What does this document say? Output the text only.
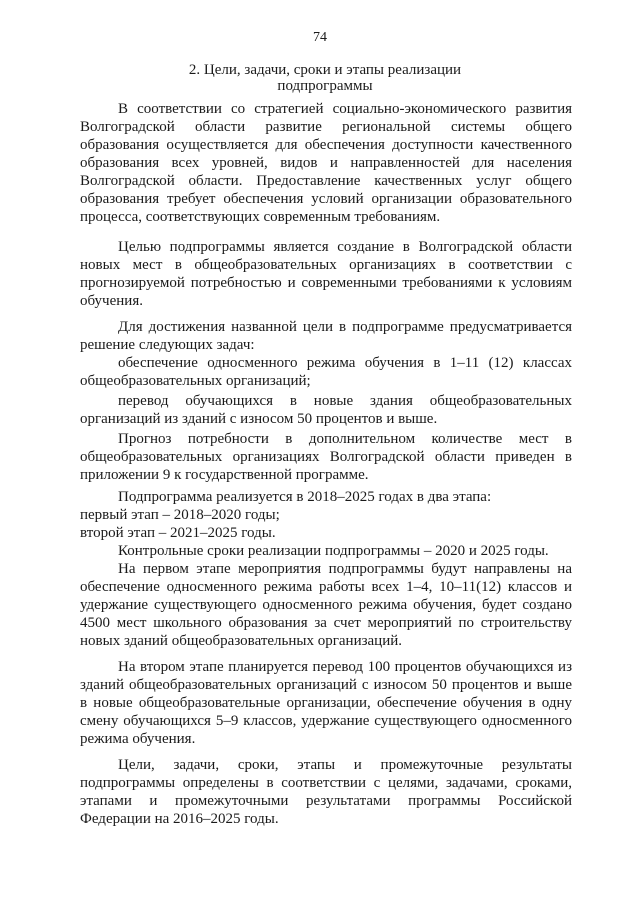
74
2. Цели, задачи, сроки и этапы реализации
подпрограммы

В соответствии со стратегией социально-экономического развития Волгоградской области развитие региональной системы общего образования осуществляется для обеспечения доступности качественного образования всех уровней, видов и направленностей для населения Волгоградской области. Предоставление качественных услуг общего образования требует обеспечения условий организации образовательного процесса, соответствующих современным требованиям.

Целью подпрограммы является создание в Волгоградской области новых мест в общеобразовательных организациях в соответствии с прогнозируемой потребностью и современными требованиями к условиям обучения.

Для достижения названной цели в подпрограмме предусматривается решение следующих задач:

обеспечение односменного режима обучения в 1–11 (12) классах общеобразовательных организаций;

перевод обучающихся в новые здания общеобразовательных организаций из зданий с износом 50 процентов и выше.

Прогноз потребности в дополнительном количестве мест в общеобразовательных организациях Волгоградской области приведен в приложении 9 к государственной программе.

Подпрограмма реализуется в 2018–2025 годах в два этапа:

первый этап – 2018–2020 годы;

второй этап – 2021–2025 годы.

Контрольные сроки реализации подпрограммы – 2020 и 2025 годы.

На первом этапе мероприятия подпрограммы будут направлены на обеспечение односменного режима работы всех 1–4, 10–11(12) классов и удержание существующего односменного режима обучения, будет создано 4500 мест школьного образования за счет мероприятий по строительству новых зданий общеобразовательных организаций.

На втором этапе планируется перевод 100 процентов обучающихся из зданий общеобразовательных организаций с износом 50 процентов и выше в новые общеобразовательные организации, обеспечение обучения в одну смену обучающихся 5–9 классов, удержание существующего односменного режима обучения.

Цели, задачи, сроки, этапы и промежуточные результаты подпрограммы определены в соответствии с целями, задачами, сроками, этапами и промежуточными результатами программы Российской Федерации на 2016–2025 годы.
